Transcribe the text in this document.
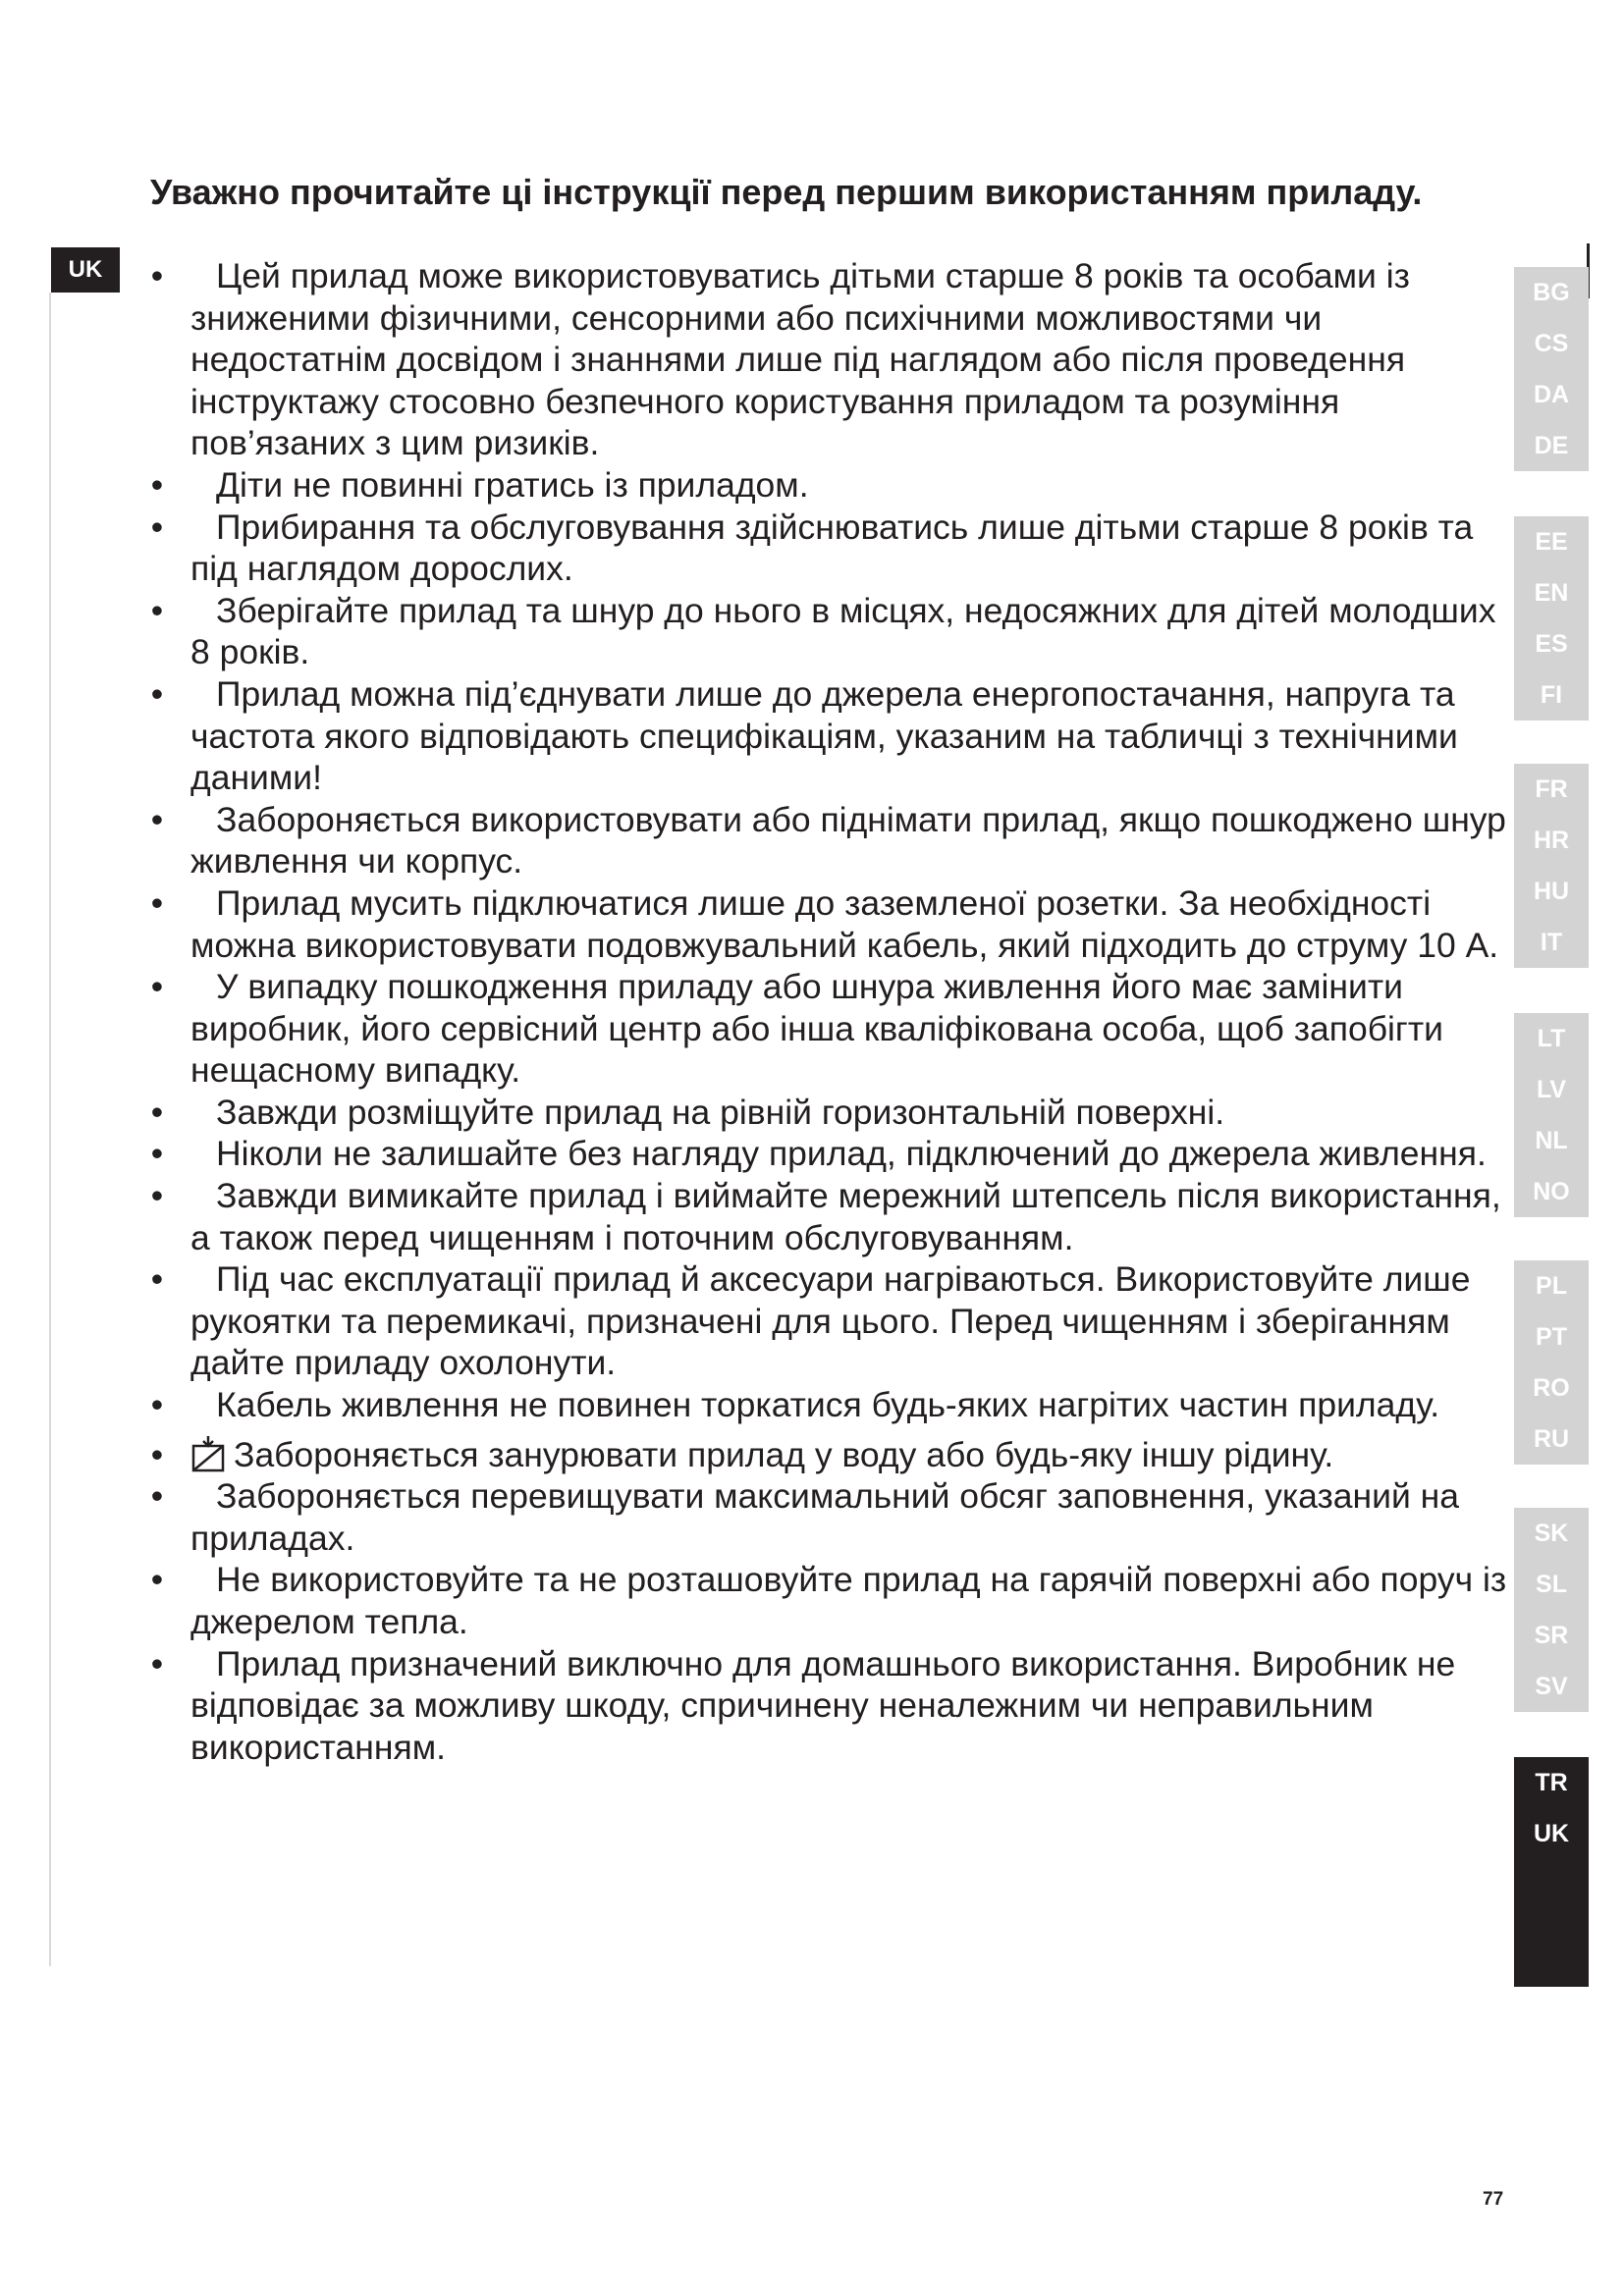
UK
Уважно прочитайте ці інструкції перед першим використанням приладу.
• Цей прилад може використовуватись дітьми старше 8 років та особами із зниженими фізичними, сенсорними або психічними можливостями чи недостатнім досвідом і знаннями лише під наглядом або після проведення інструктажу стосовно безпечного користування приладом та розуміння пов’язаних з цим ризиків.
• Діти не повинні гратись із приладом.
• Прибирання та обслуговування здійснюватись лише дітьми старше 8 років та під наглядом дорослих.
• Зберігайте прилад та шнур до нього в місцях, недосяжних для дітей молодших 8 років.
• Прилад можна під’єднувати лише до джерела енергопостачання, напруга та частота якого відповідають специфікаціям, указаним на табличці з технічними даними!
• Забороняється використовувати або піднімати прилад, якщо пошкоджено шнур живлення чи корпус.
• Прилад мусить підключатися лише до заземленої розетки. За необхідності можна використовувати подовжувальний кабель, який підходить до струму 10 A.
• У випадку пошкодження приладу або шнура живлення його має замінити виробник, його сервісний центр або інша кваліфікована особа, щоб запобігти нещасному випадку.
• Завжди розміщуйте прилад на рівній горизонтальній поверхні.
• Ніколи не залишайте без нагляду прилад, підключений до джерела живлення.
• Завжди вимикайте прилад і виймайте мережний штепсель після використання, а також перед чищенням і поточним обслуговуванням.
• Під час експлуатації прилад й аксесуари нагріваються. Використовуйте лише рукоятки та перемикачі, призначені для цього. Перед чищенням і зберіганням дайте приладу охолонути.
• Кабель живлення не повинен торкатися будь-яких нагрітих частин приладу.
• Забороняється занурювати прилад у воду або будь-яку іншу рідину.
• Забороняється перевищувати максимальний обсяг заповнення, указаний на приладах.
• Не використовуйте та не розташовуйте прилад на гарячій поверхні або поруч із джерелом тепла.
• Прилад призначений виключно для домашнього використання. Виробник не відповідає за можливу шкоду, спричинену неналежним чи неправильним використанням.
BG
CS
DA
DE
EE
EN
ES
FI
FR
HR
HU
IT
LT
LV
NL
NO
PL
PT
RO
RU
SK
SL
SR
SV
TR
UK
77
